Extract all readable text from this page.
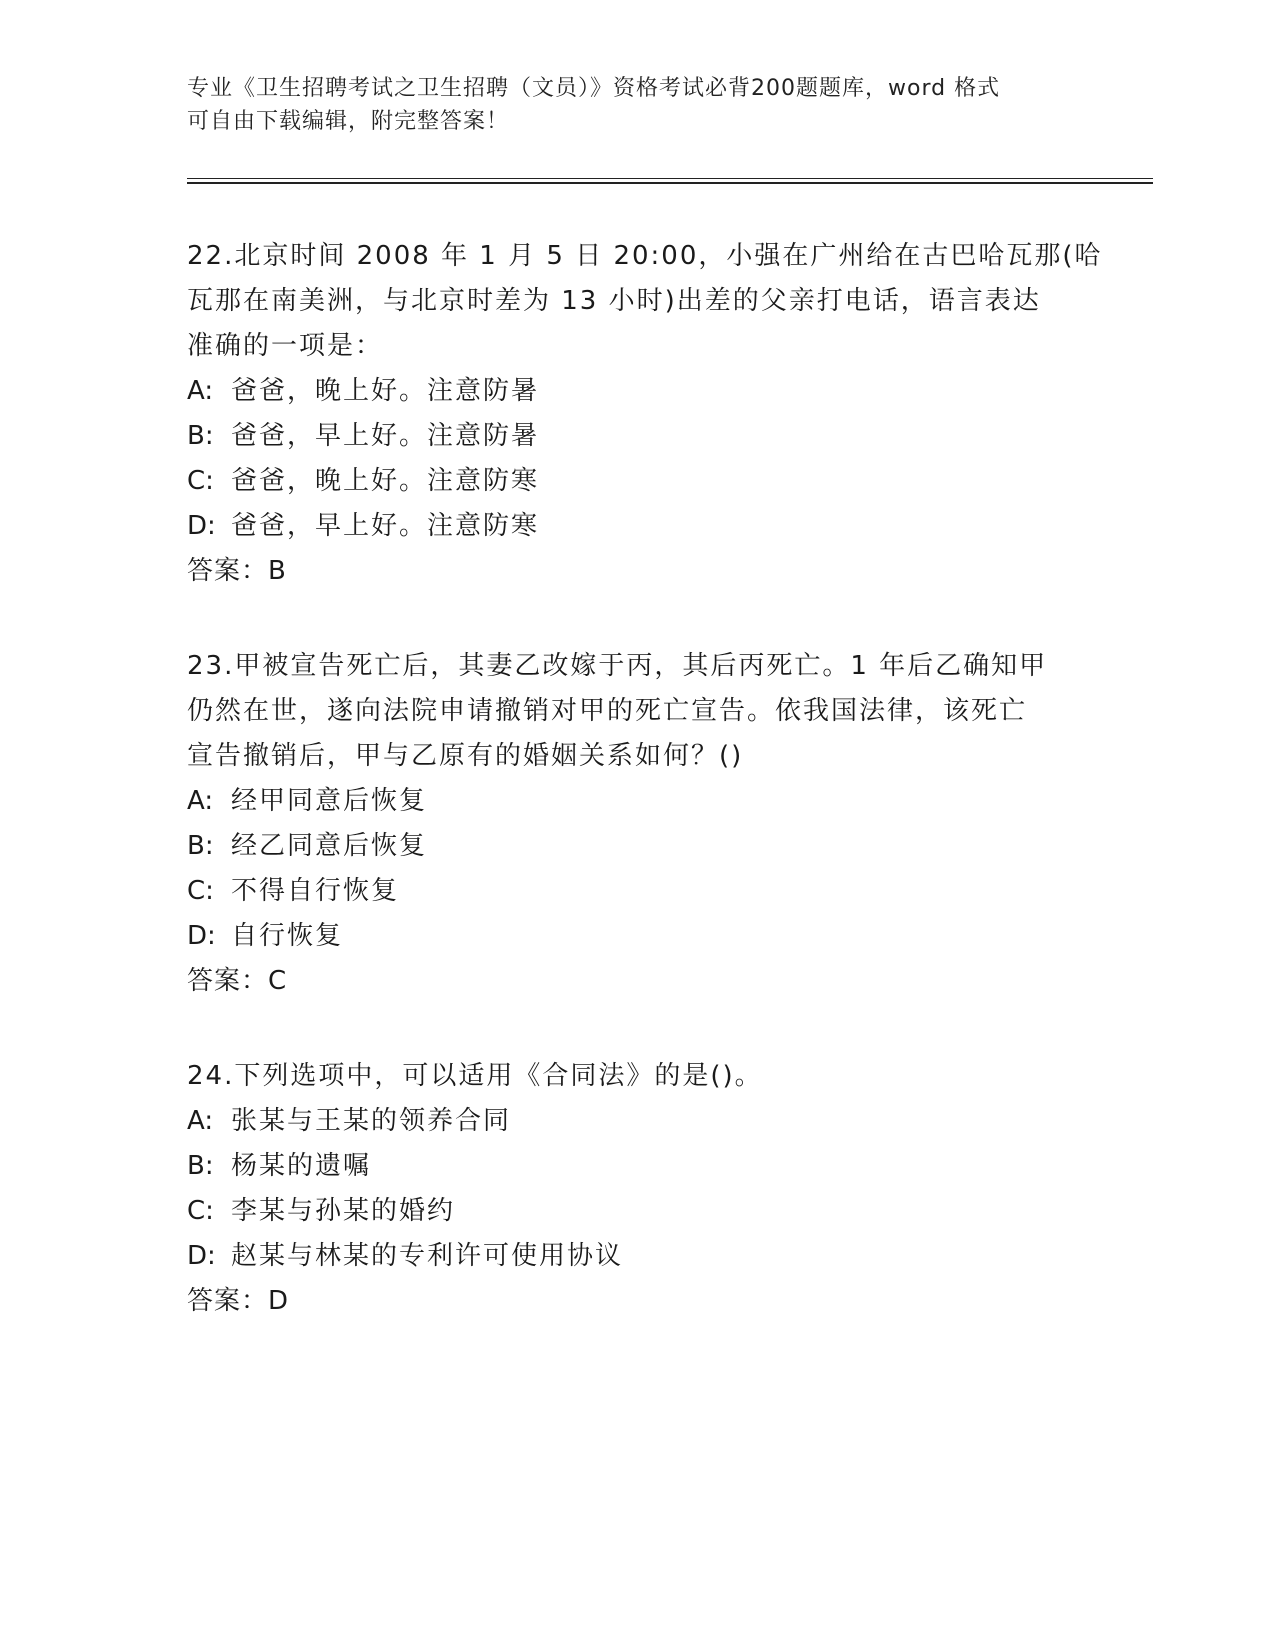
专业《卫生招聘考试之卫生招聘（文员）》资格考试必背200题题库，word 格式
可自由下载编辑，附完整答案！
22.北京时间 2008 年 1 月 5 日 20:00，小强在广州给在古巴哈瓦那(哈
瓦那在南美洲，与北京时差为 13 小时)出差的父亲打电话，语言表达
准确的一项是：
A: 爸爸，晚上好。注意防暑
B: 爸爸，早上好。注意防暑
C: 爸爸，晚上好。注意防寒
D: 爸爸，早上好。注意防寒
答案：B
23.甲被宣告死亡后，其妻乙改嫁于丙，其后丙死亡。1 年后乙确知甲
仍然在世，遂向法院申请撤销对甲的死亡宣告。依我国法律，该死亡
宣告撤销后，甲与乙原有的婚姻关系如何？()
A: 经甲同意后恢复
B: 经乙同意后恢复
C: 不得自行恢复
D: 自行恢复
答案：C
24.下列选项中，可以适用《合同法》的是()。
A: 张某与王某的领养合同
B: 杨某的遗嘱
C: 李某与孙某的婚约
D: 赵某与林某的专利许可使用协议
答案：D
